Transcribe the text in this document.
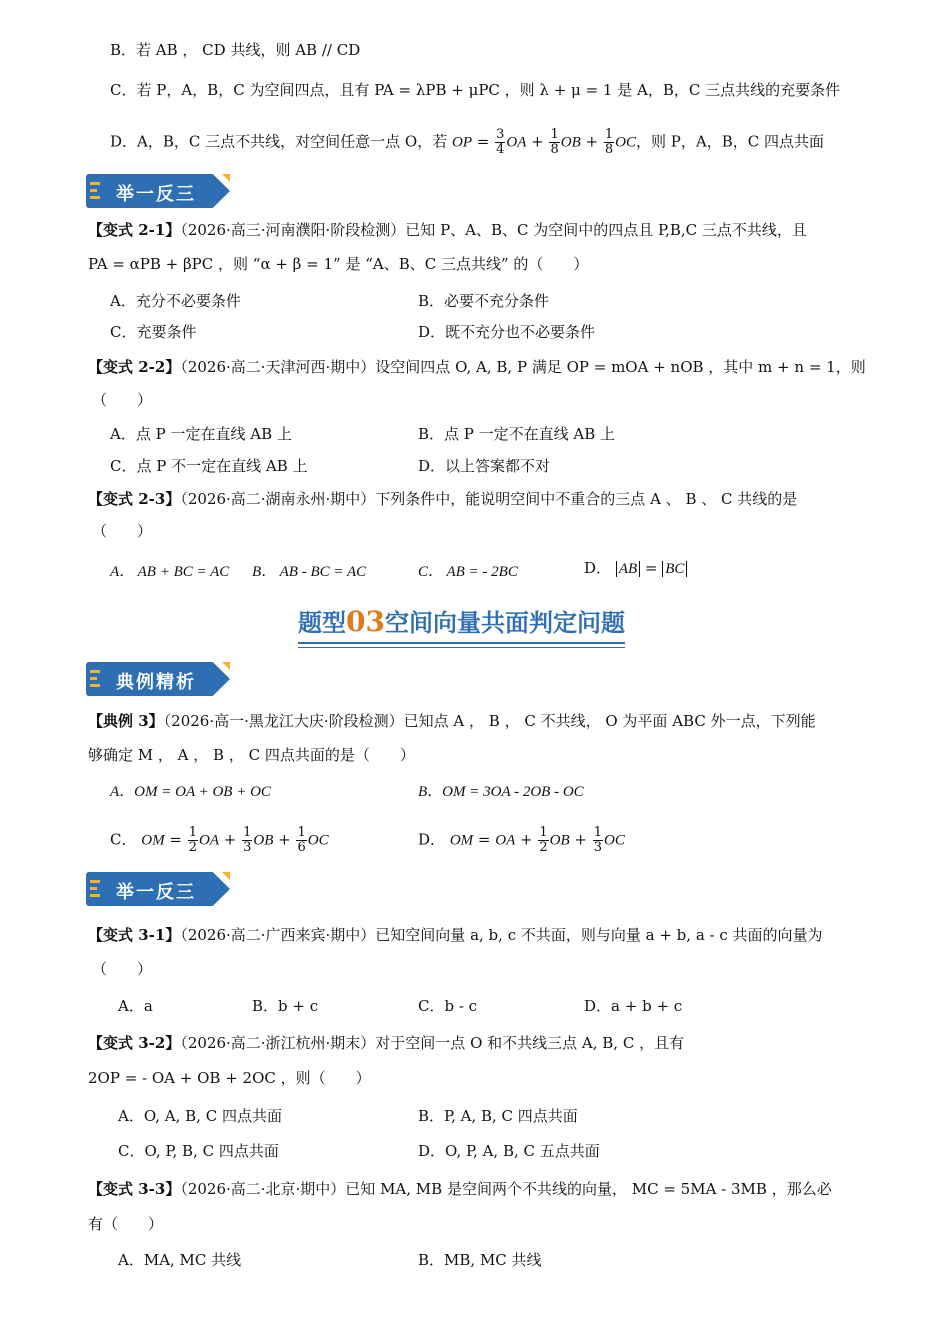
B．若 AB ， CD 共线，则 AB // CD
C．若 P，A，B，C 为空间四点，且有 PA = λPB + μPC ，则 λ + μ = 1 是 A，B，C 三点共线的充要条件
D．A，B，C 三点不共线，对空间任意一点 O，若 OP = $\frac{3}{4}$ OA + $\frac{1}{8}$ OB + $\frac{1}{8}$ OC，则 P，A，B，C 四点共面
举一反三
【变式 2-1】（2026·高三·河南濮阳·阶段检测）已知 P、A、B、C 为空间中的四点且 P,B,C 三点不共线，且
PA = αPB + βPC ，则 “α + β = 1” 是 “A、B、C 三点共线” 的（　　）
A．充分不必要条件	B．必要不充分条件
C．充要条件	D．既不充分也不必要条件
【变式 2-2】（2026·高二·天津河西·期中）设空间四点 O, A, B, P 满足 OP = mOA + nOB ，其中 m + n = 1，则
（　　）
A．点 P 一定在直线 AB 上	B．点 P 一定不在直线 AB 上
C．点 P 不一定在直线 AB 上	D．以上答案都不对
【变式 2-3】（2026·高二·湖南永州·期中）下列条件中，能说明空间中不重合的三点 A 、 B 、 C 共线的是
（　　）
A． AB + BC = AC B． AB - BC = AC	C． AB = - 2BC	D． AB = BC
题型03空间向量共面判定问题
典例精析
【典例 3】（2026·高一·黑龙江大庆·阶段检测）已知点 A ， B ， C 不共线， O 为平面 ABC 外一点，下列能
够确定 M ， A ， B ， C 四点共面的是（　　）
A．OM = OA + OB + OC	B．OM = 3OA - 2OB - OC
C． OM = $\frac{1}{2}$ OA + $\frac{1}{3}$ OB + $\frac{1}{6}$ OC	D． OM = OA + $\frac{1}{2}$ OB + $\frac{1}{3}$ OC
举一反三
【变式 3-1】（2026·高二·广西来宾·期中）已知空间向量 a, b, c 不共面，则与向量 a + b, a - c 共面的向量为
（　　）
A．a	B．b + c	C．b - c	D．a + b + c
【变式 3-2】（2026·高二·浙江杭州·期末）对于空间一点 O 和不共线三点 A, B, C ，且有
2OP = - OA + OB + 2OC ，则（　　）
A．O, A, B, C 四点共面	B．P, A, B, C 四点共面
C．O, P, B, C 四点共面	D．O, P, A, B, C 五点共面
【变式 3-3】（2026·高二·北京·期中）已知 MA, MB 是空间两个不共线的向量， MC = 5MA - 3MB ，那么必
有（　　）
A．MA, MC 共线	B．MB, MC 共线
